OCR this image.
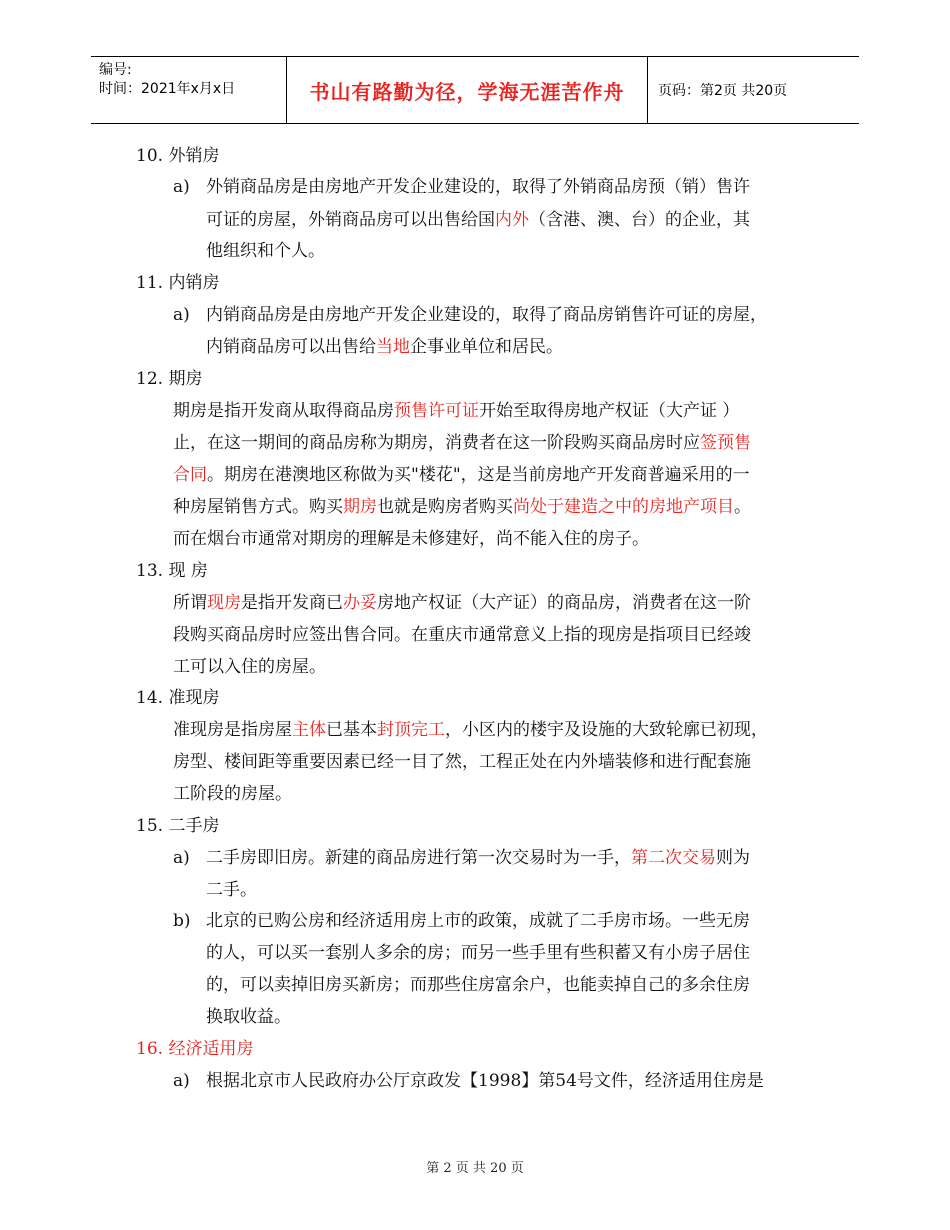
编号:
时间：2021年x月x日	书山有路勤为径，学海无涯苦作舟	页码：第2页 共20页
10. 外销房
a) 外销商品房是由房地产开发企业建设的，取得了外销商品房预（销）售许
可证的房屋，外销商品房可以出售给国内外（含港、澳、台）的企业，其
他组织和个人。
11. 内销房
a) 内销商品房是由房地产开发企业建设的，取得了商品房销售许可证的房屋，
内销商品房可以出售给当地企事业单位和居民。
12. 期房
期房是指开发商从取得商品房预售许可证开始至取得房地产权证（大产证 ）
止，在这一期间的商品房称为期房，消费者在这一阶段购买商品房时应签预售
合同。期房在港澳地区称做为买"楼花"，这是当前房地产开发商普遍采用的一
种房屋销售方式。购买期房也就是购房者购买尚处于建造之中的房地产项目。
而在烟台市通常对期房的理解是未修建好，尚不能入住的房子。
13. 现 房
所谓现房是指开发商已办妥房地产权证（大产证）的商品房，消费者在这一阶
段购买商品房时应签出售合同。在重庆市通常意义上指的现房是指项目已经竣
工可以入住的房屋。
14. 准现房
准现房是指房屋主体已基本封顶完工，小区内的楼宇及设施的大致轮廓已初现，
房型、楼间距等重要因素已经一目了然，工程正处在内外墙装修和进行配套施
工阶段的房屋。
15. 二手房
a) 二手房即旧房。新建的商品房进行第一次交易时为一手，第二次交易则为
二手。
b) 北京的已购公房和经济适用房上市的政策，成就了二手房市场。一些无房
的人，可以买一套别人多余的房；而另一些手里有些积蓄又有小房子居住
的，可以卖掉旧房买新房；而那些住房富余户，也能卖掉自己的多余住房
换取收益。
16. 经济适用房
a) 根据北京市人民政府办公厅京政发【1998】第54号文件，经济适用住房是
第 2 页 共 20 页
